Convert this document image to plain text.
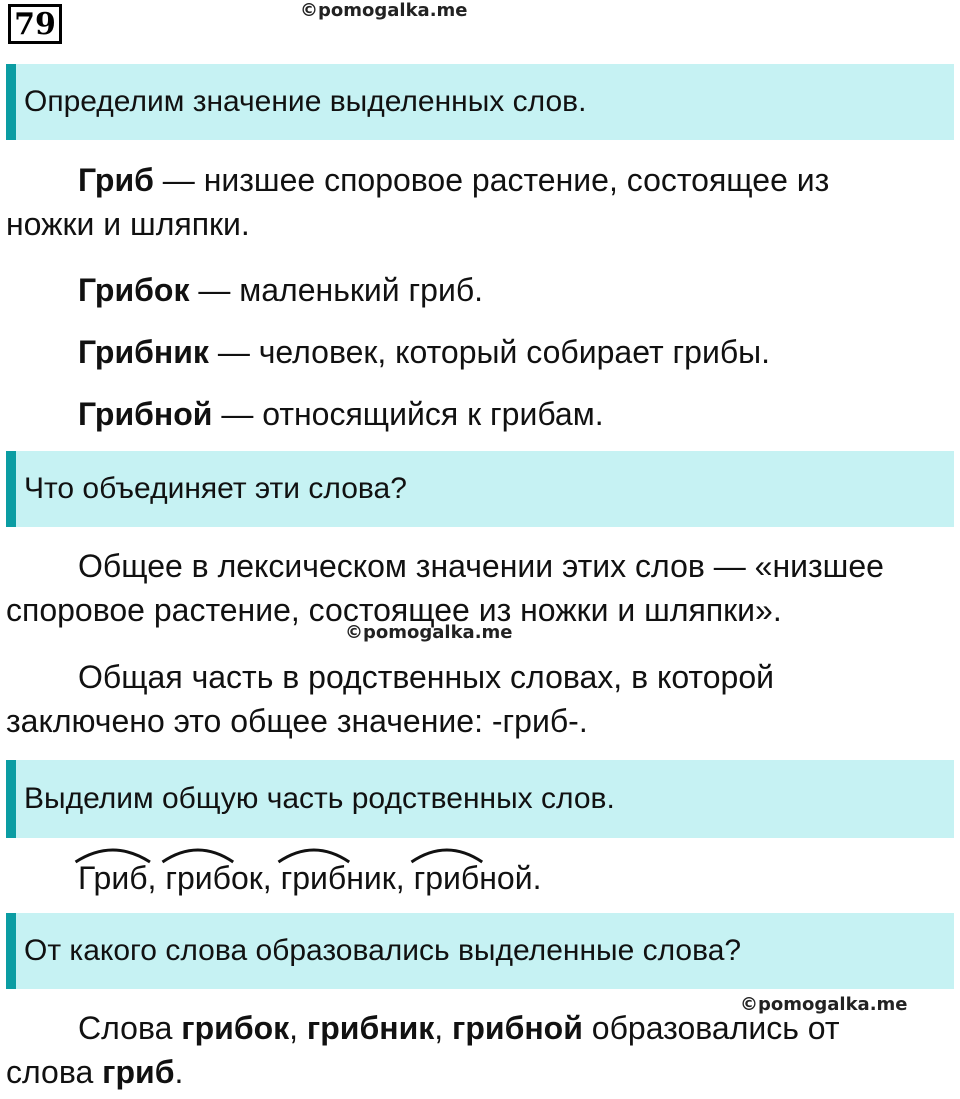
79	©pomogalka.me
Определим значение выделенных слов.

Гриб — низшее споровое растение, состоящее из ножки и шляпки.

Грибок — маленький гриб.

Грибник — человек, который собирает грибы.

Грибной — относящийся к грибам.

Что объединяет эти слова?

Общее в лексическом значении этих слов — «низшее споровое растение, состоящее из ножки и шляпки».

©pomogalka.me

Общая часть в родственных словах, в которой заключено это общее значение: -гриб-.

Выделим общую часть родственных слов.
Гриб,
грибок,
грибник,
грибной.
От какого слова образовались выделенные слова?
©pomogalka.me

Слова грибок, грибник, грибной образовались от слова гриб.
